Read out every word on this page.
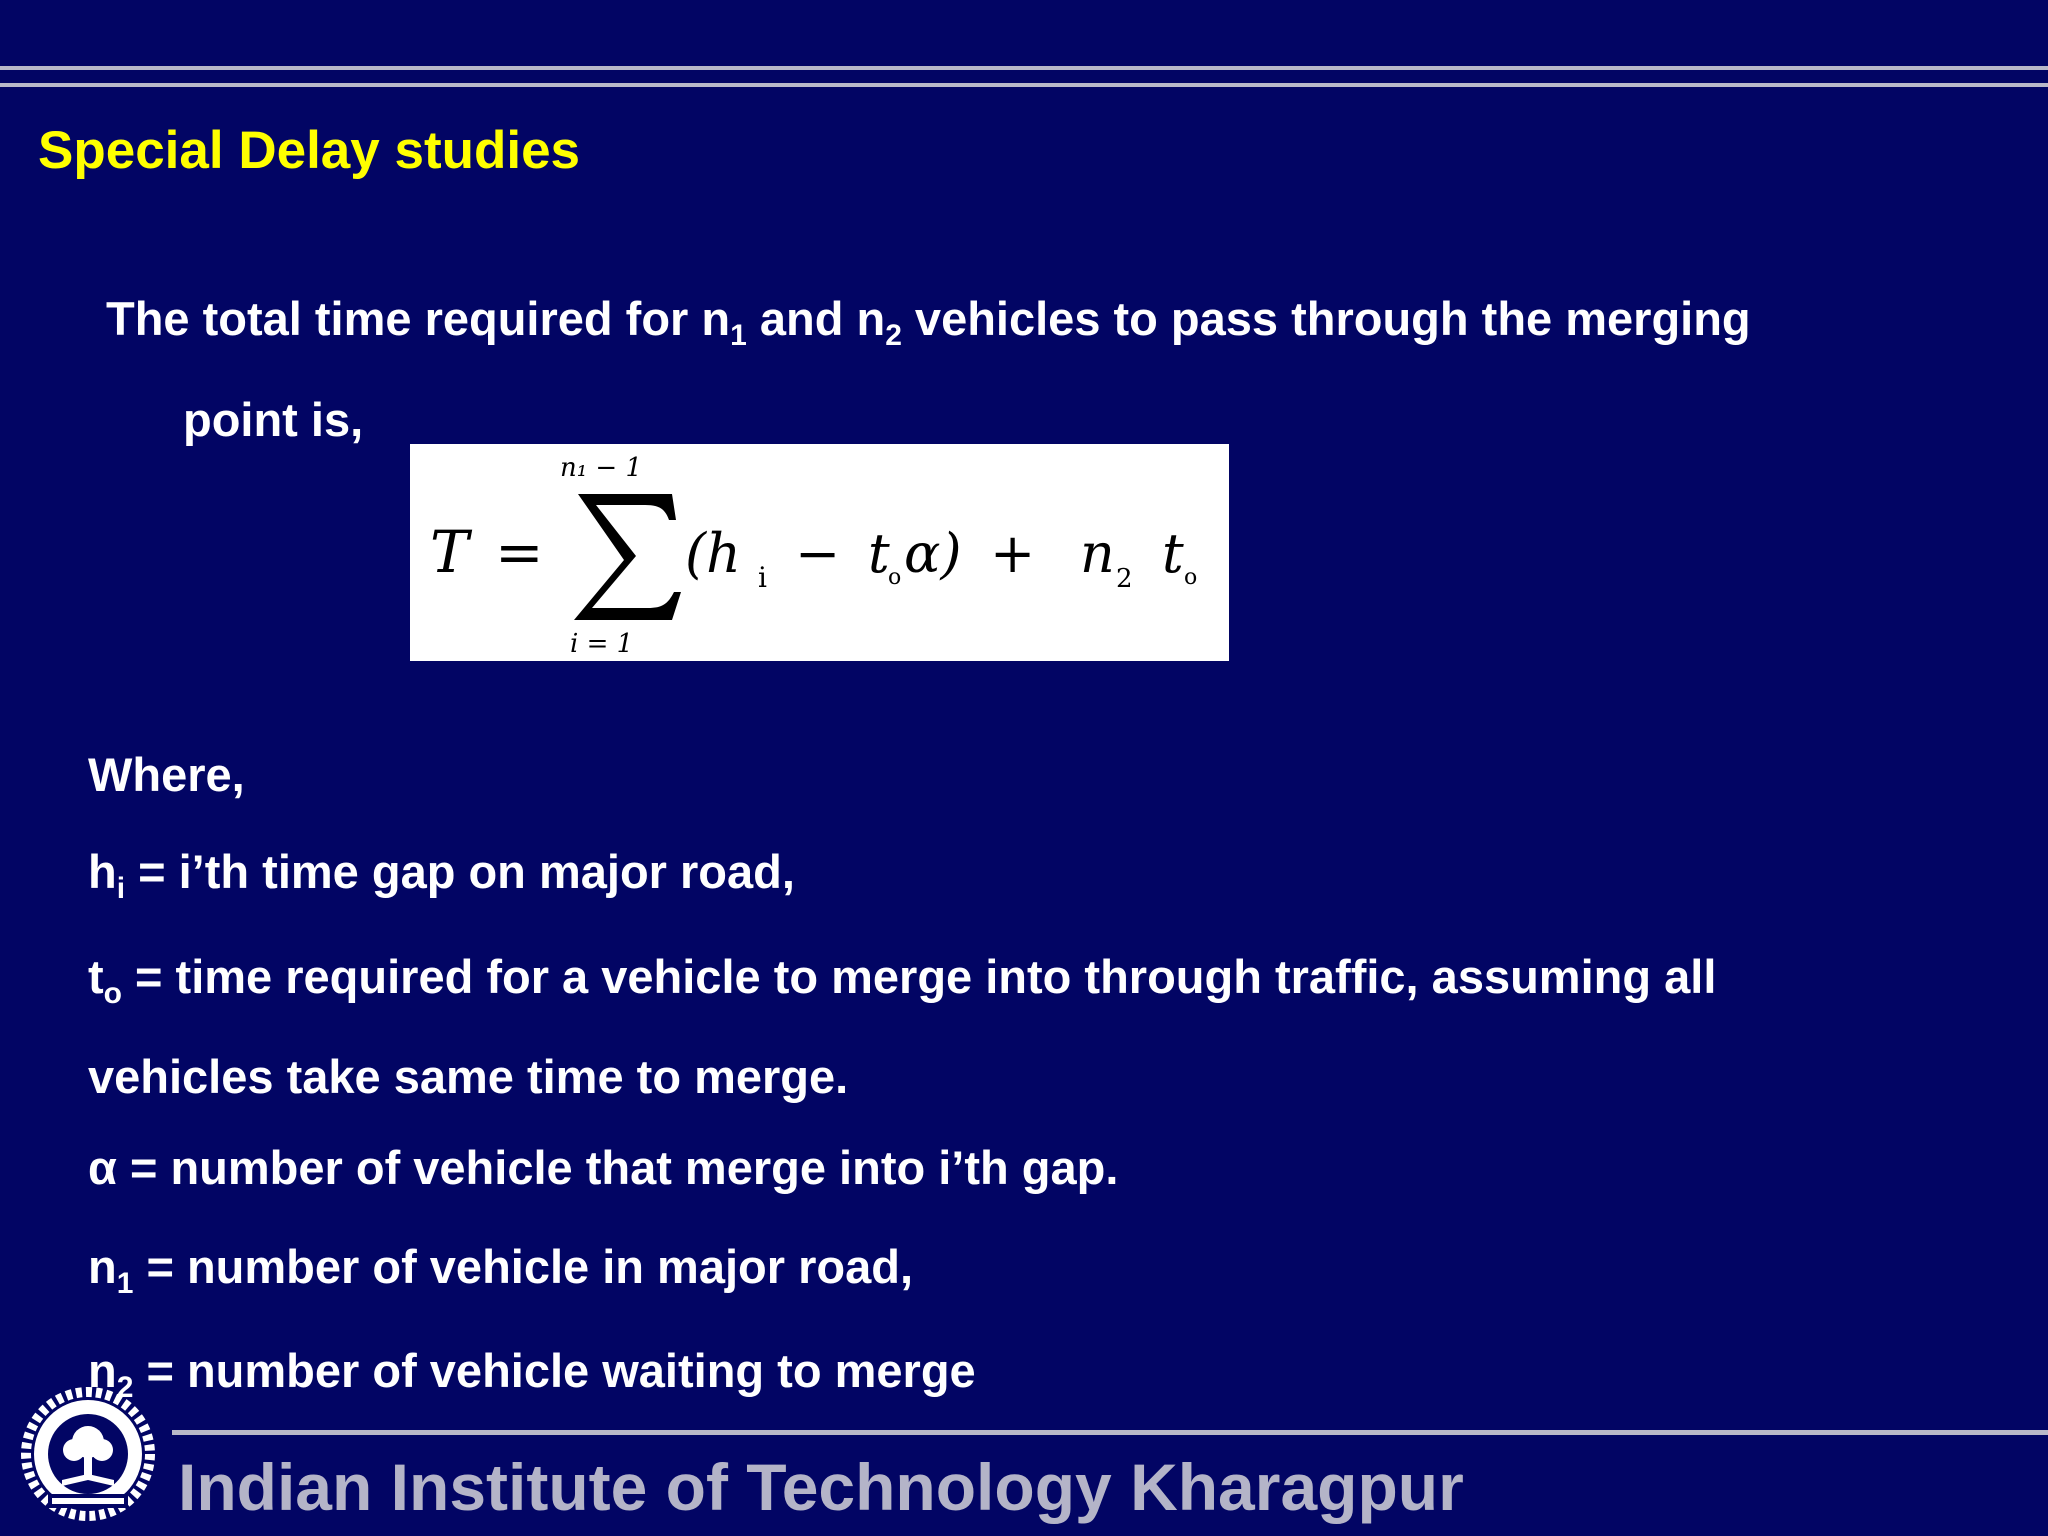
Special Delay studies
The total time required for $n_1$ and $n_2$ vehicles to pass through the merging
point is,
T =
n₁ − 1
i = 1
(h i − t
o α) + n 2 t o
Where,
$h_i$ = i’th time gap on major road,
$t_o$ = time required for a vehicle to merge into through traffic, assuming all
vehicles take same time to merge.
α = number of vehicle that merge into i’th gap.
$n_1$ = number of vehicle in major road,
$n_2$ = number of vehicle waiting to merge
Indian Institute of Technology Kharagpur
